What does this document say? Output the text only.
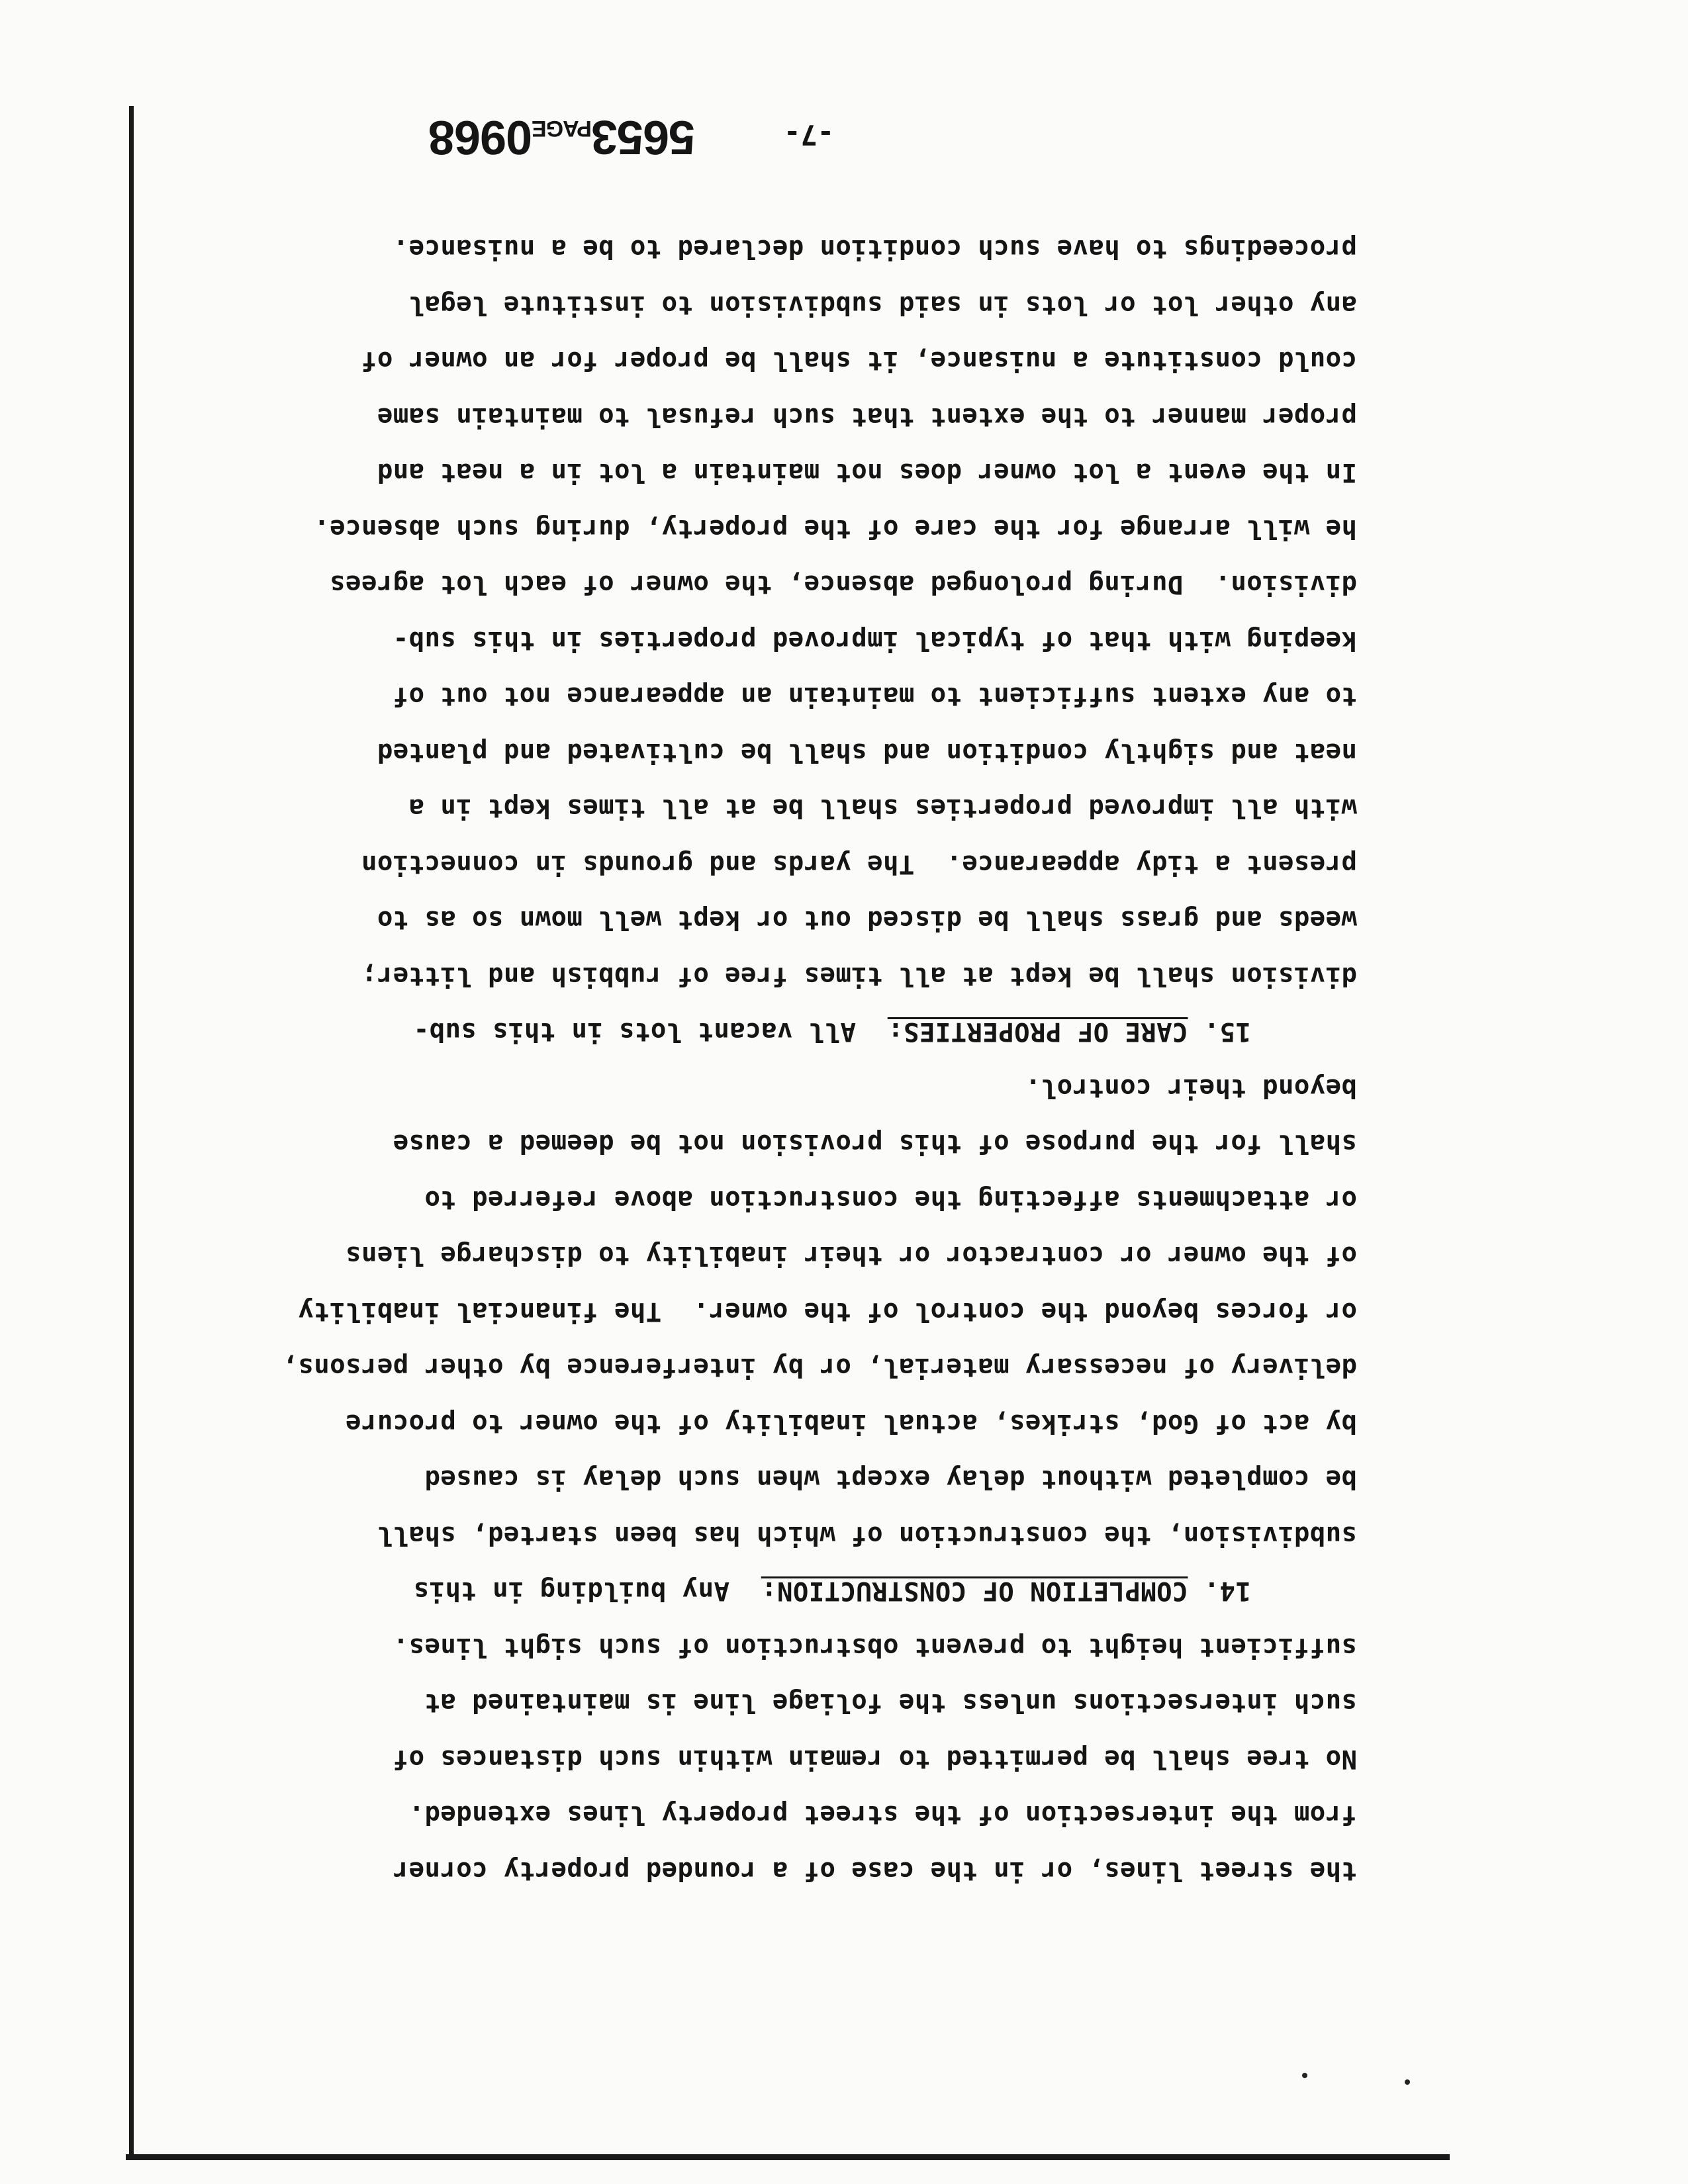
the street lines, or in the case of a rounded property corner
from the intersection of the street property lines extended.
No tree shall be permitted to remain within such distances of
such intersections unless the foliage line is maintained at
sufficient height to prevent obstruction of such sight lines.
14. COMPLETION OF CONSTRUCTION:  Any building in this
subdivision, the construction of which has been started, shall
be completed without delay except when such delay is caused
by act of God, strikes, actual inability of the owner to procure
delivery of necessary material, or by interference by other persons,
or forces beyond the control of the owner.  The financial inability
of the owner or contractor or their inability to discharge liens
or attachments affecting the construction above referred to
shall for the purpose of this provision not be deemed a cause
beyond their control.
15. CARE OF PROPERTIES:  All vacant lots in this sub-
division shall be kept at all times free of rubbish and litter;
weeds and grass shall be disced out or kept well mown so as to
present a tidy appearance.  The yards and grounds in connection
with all improved properties shall be at all times kept in a
neat and sightly condition and shall be cultivated and planted
to any extent sufficient to maintain an appearance not out of
keeping with that of typical improved properties in this sub-
division.  During prolonged absence, the owner of each lot agrees
he will arrange for the care of the property, during such absence.
In the event a lot owner does not maintain a lot in a neat and
proper manner to the extent that such refusal to maintain same
could constitute a nuisance, it shall be proper for an owner of
any other lot or lots in said subdivision to institute legal
proceedings to have such condition declared to be a nuisance.
-7-
5653PAGE0968
